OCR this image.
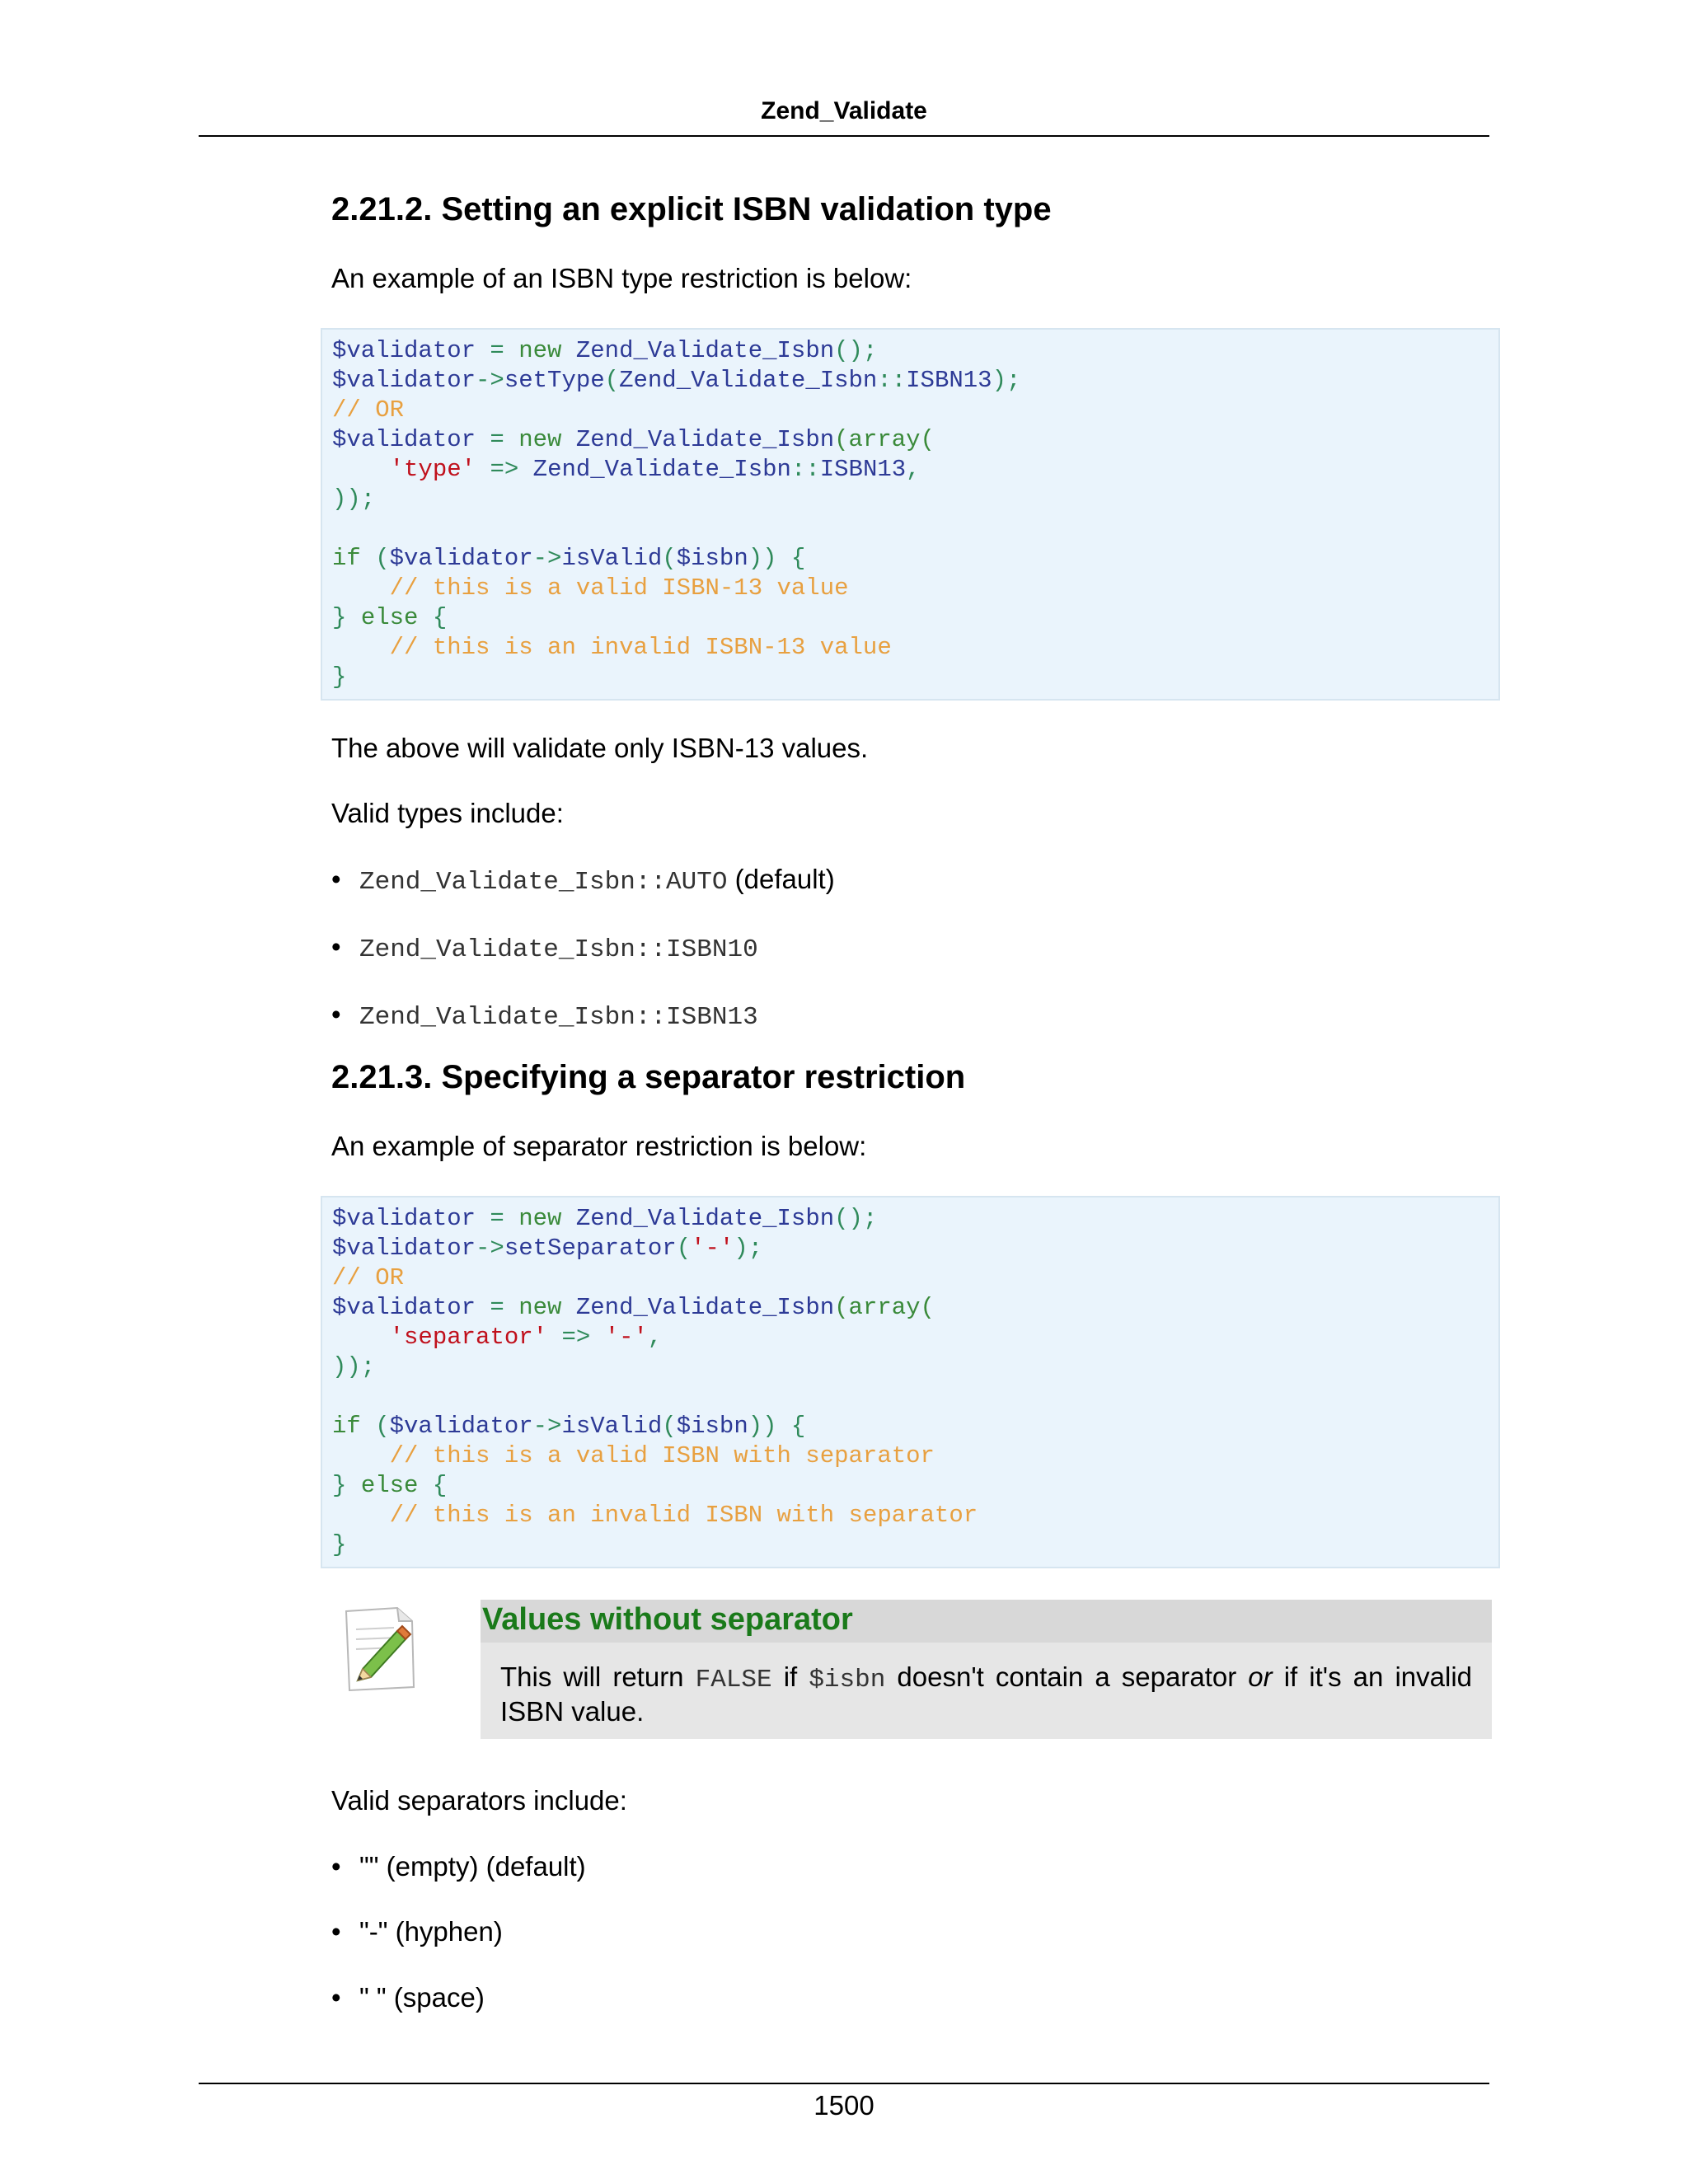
Zend_Validate
2.21.2. Setting an explicit ISBN validation type

An example of an ISBN type restriction is below:

$validator = new Zend_Validate_Isbn();
$validator->setType(Zend_Validate_Isbn::ISBN13);
// OR
$validator = new Zend_Validate_Isbn(array(
'type' => Zend_Validate_Isbn::ISBN13,
));

if ($validator->isValid($isbn)) {
// this is a valid ISBN-13 value
} else {
// this is an invalid ISBN-13 value
}

The above will validate only ISBN-13 values.

Valid types include:

• Zend_Validate_Isbn::AUTO (default)
• Zend_Validate_Isbn::ISBN10
• Zend_Validate_Isbn::ISBN13
2.21.3. Specifying a separator restriction

An example of separator restriction is below:

$validator = new Zend_Validate_Isbn();
$validator->setSeparator('-');
// OR
$validator = new Zend_Validate_Isbn(array(
'separator' => '-',
));

if ($validator->isValid($isbn)) {
// this is a valid ISBN with separator
} else {
// this is an invalid ISBN with separator
}
Values without separator
This will return FALSE if $isbn doesn't contain a separator or if it's an invalid ISBN value.

Valid separators include:

• "" (empty) (default)
• "-" (hyphen)
• " " (space)
1500
